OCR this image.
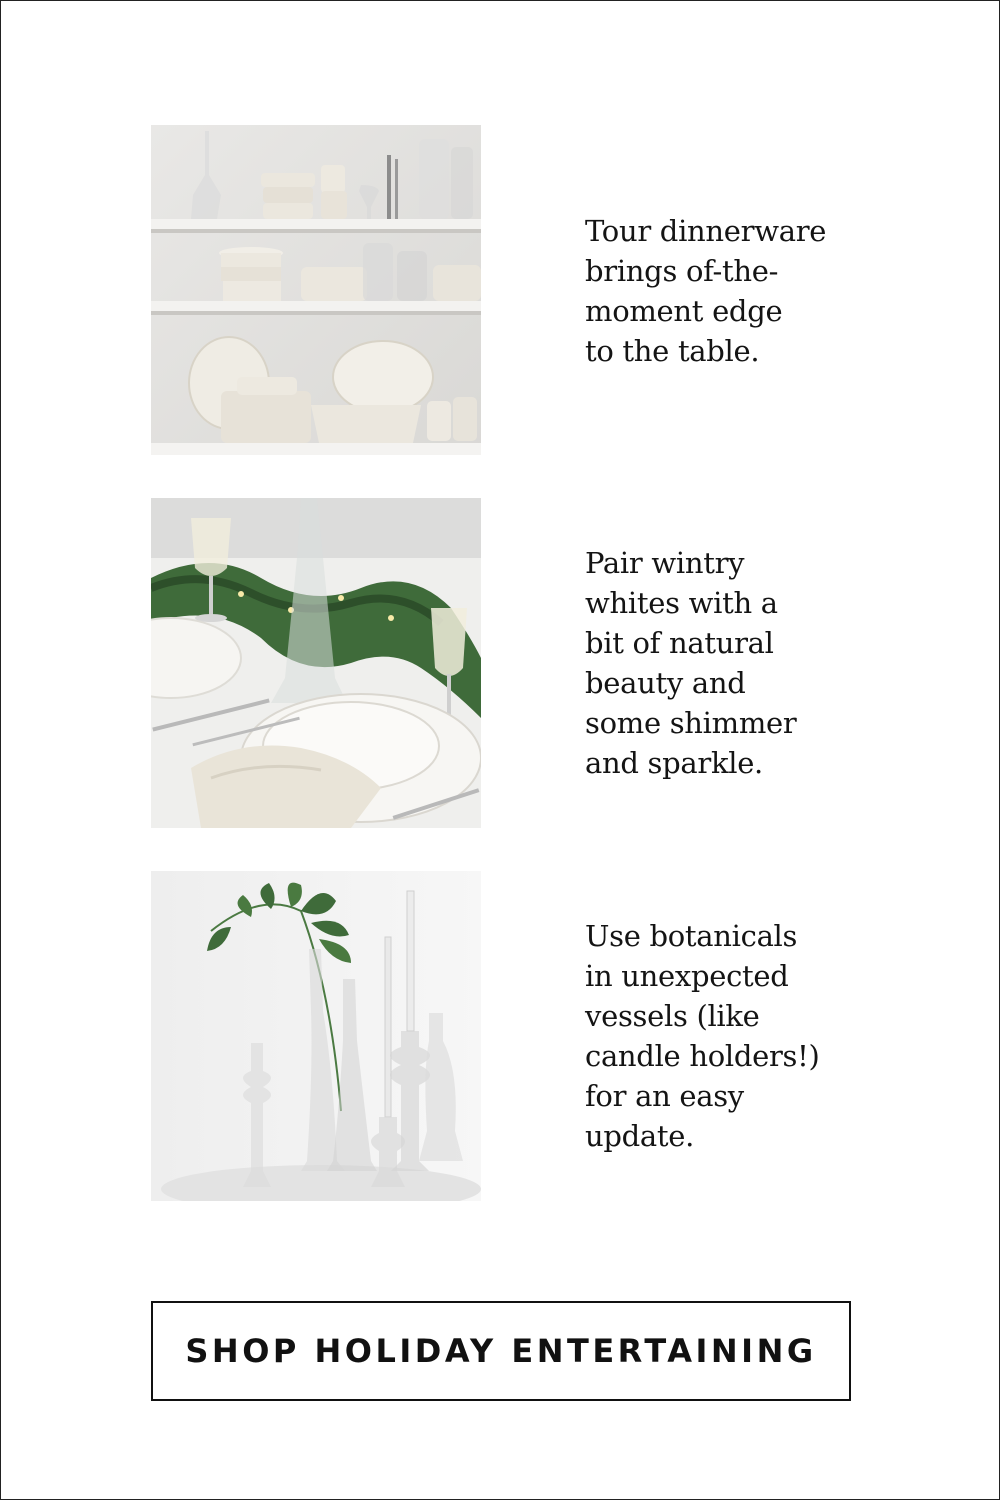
Tour dinnerware
brings of-the-
moment edge
to the table.

Pair wintry
whites with a
bit of natural
beauty and
some shimmer
and sparkle.

Use botanicals
in unexpected
vessels (like
candle holders!)
for an easy
update.

SHOP HOLIDAY ENTERTAINING
